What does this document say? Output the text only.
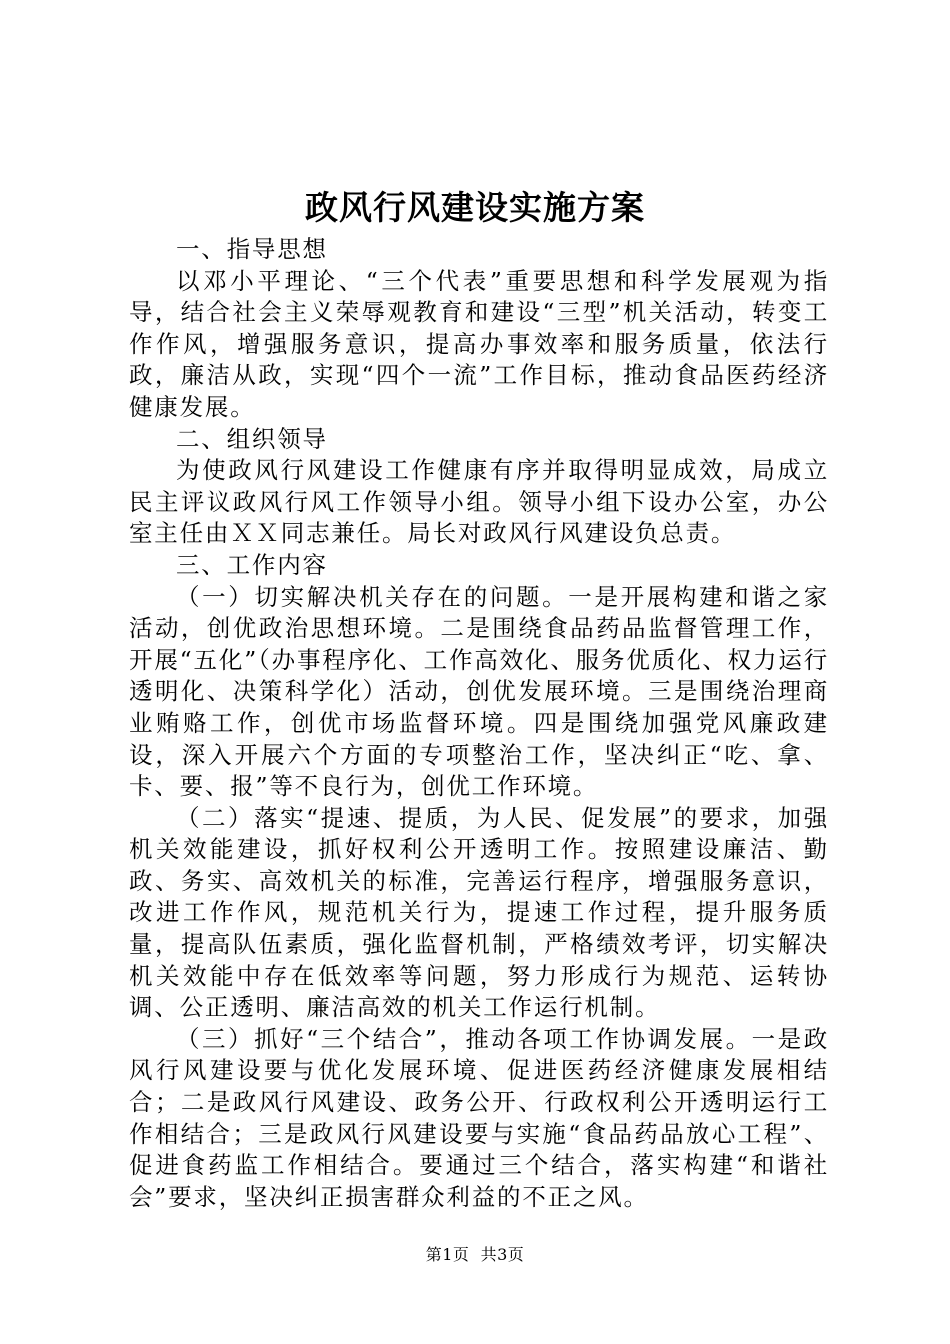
政风行风建设实施方案

一、指导思想

以邓小平理论、“三个代表”重要思想和科学发展观为指导，结合社会主义荣辱观教育和建设“三型”机关活动，转变工作作风，增强服务意识，提高办事效率和服务质量，依法行政，廉洁从政，实现“四个一流”工作目标，推动食品医药经济健康发展。

二、组织领导

为使政风行风建设工作健康有序并取得明显成效，局成立民主评议政风行风工作领导小组。领导小组下设办公室，办公室主任由ＸＸ同志兼任。局长对政风行风建设负总责。

三、工作内容

（一）切实解决机关存在的问题。一是开展构建和谐之家活动，创优政治思想环境。二是围绕食品药品监督管理工作，开展“五化”（办事程序化、工作高效化、服务优质化、权力运行透明化、决策科学化）活动，创优发展环境。三是围绕治理商业贿赂工作，创优市场监督环境。四是围绕加强党风廉政建设，深入开展六个方面的专项整治工作，坚决纠正“吃、拿、卡、要、报”等不良行为，创优工作环境。

（二）落实“提速、提质，为人民、促发展”的要求，加强机关效能建设，抓好权利公开透明工作。按照建设廉洁、勤政、务实、高效机关的标准，完善运行程序，增强服务意识，改进工作作风，规范机关行为，提速工作过程，提升服务质量，提高队伍素质，强化监督机制，严格绩效考评，切实解决机关效能中存在低效率等问题，努力形成行为规范、运转协调、公正透明、廉洁高效的机关工作运行机制。

（三）抓好“三个结合”，推动各项工作协调发展。一是政风行风建设要与优化发展环境、促进医药经济健康发展相结合；二是政风行风建设、政务公开、行政权利公开透明运行工作相结合；三是政风行风建设要与实施“食品药品放心工程”、促进食药监工作相结合。要通过三个结合，落实构建“和谐社会”要求，坚决纠正损害群众利益的不正之风。

第1页  共3页
